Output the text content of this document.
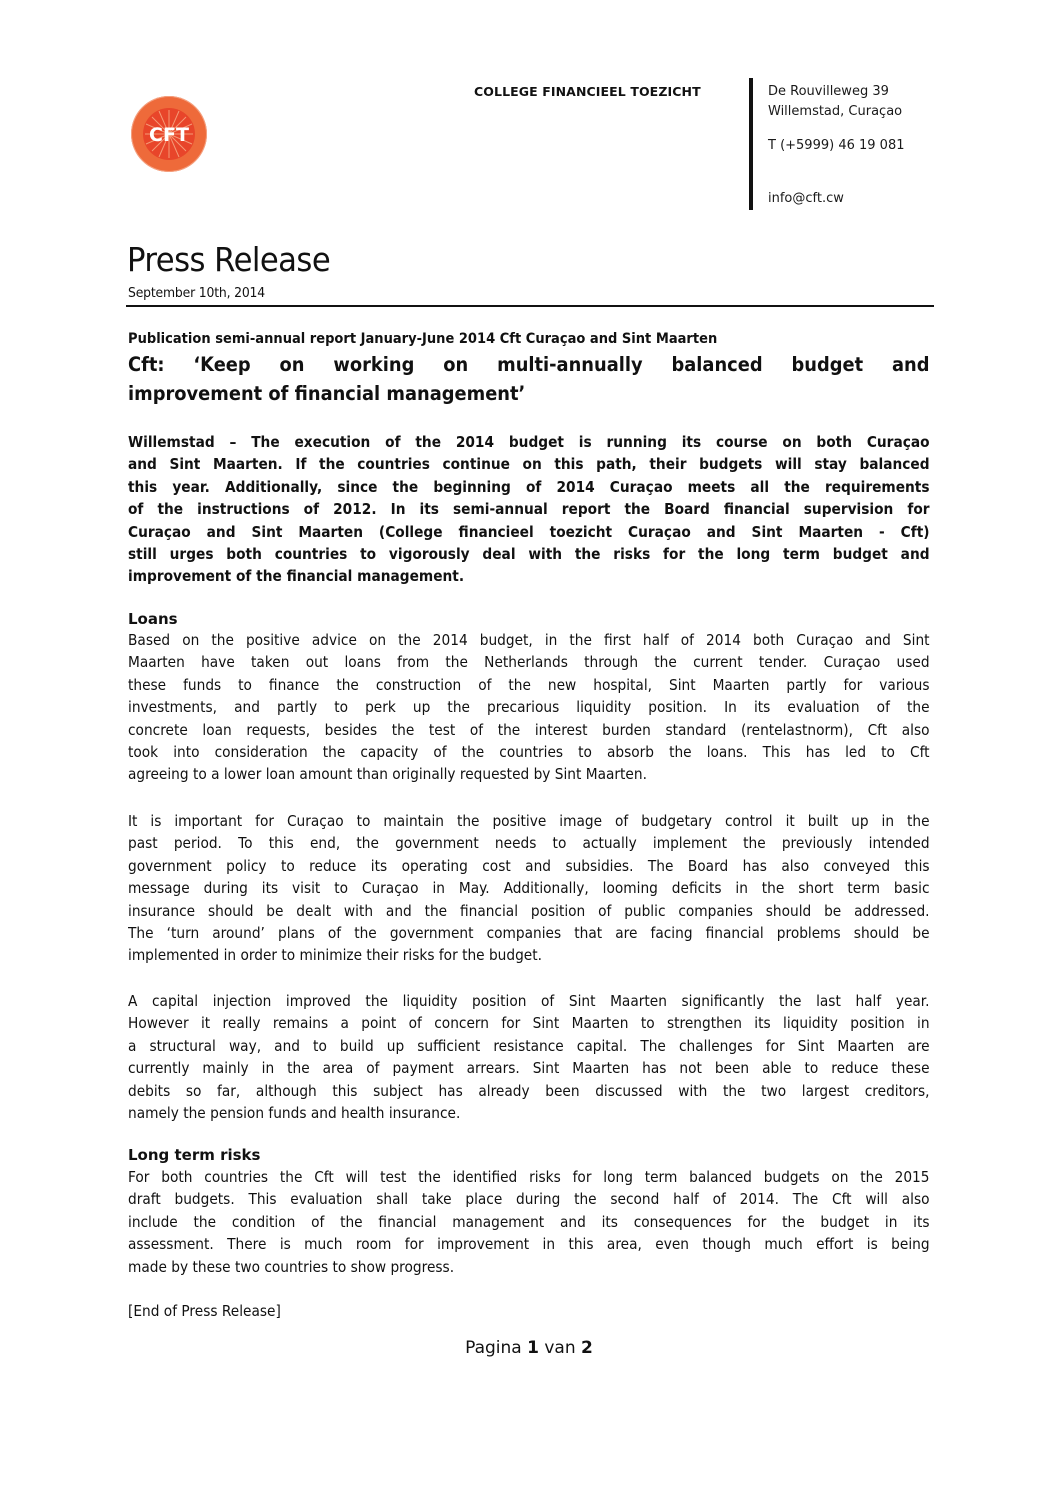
CFT
COLLEGE FINANCIEEL TOEZICHT	De Rouvilleweg 39
Willemstad, Curaçao
T (+5999) 46 19 081
info@cft.cw
Press Release
September 10th, 2014
Publication semi-annual report January-June 2014 Cft Curaçao and Sint Maarten
Cft: ‘Keep on working on multi-annually balanced budget and
improvement of financial management’
Willemstad – The execution of the 2014 budget is running its course on both Curaçao
and Sint Maarten. If the countries continue on this path, their budgets will stay balanced
this year. Additionally, since the beginning of 2014 Curaçao meets all the requirements
of the instructions of 2012. In its semi-annual report the Board financial supervision for
Curaçao and Sint Maarten (College financieel toezicht Curaçao and Sint Maarten - Cft)
still urges both countries to vigorously deal with the risks for the long term budget and
improvement of the financial management.
Loans
Based on the positive advice on the 2014 budget, in the first half of 2014 both Curaçao and Sint
Maarten have taken out loans from the Netherlands through the current tender. Curaçao used
these funds to finance the construction of the new hospital, Sint Maarten partly for various
investments, and partly to perk up the precarious liquidity position. In its evaluation of the
concrete loan requests, besides the test of the interest burden standard (rentelastnorm), Cft also
took into consideration the capacity of the countries to absorb the loans. This has led to Cft
agreeing to a lower loan amount than originally requested by Sint Maarten.
It is important for Curaçao to maintain the positive image of budgetary control it built up in the
past period. To this end, the government needs to actually implement the previously intended
government policy to reduce its operating cost and subsidies. The Board has also conveyed this
message during its visit to Curaçao in May. Additionally, looming deficits in the short term basic
insurance should be dealt with and the financial position of public companies should be addressed.
The ‘turn around’ plans of the government companies that are facing financial problems should be
implemented in order to minimize their risks for the budget.
A capital injection improved the liquidity position of Sint Maarten significantly the last half year.
However it really remains a point of concern for Sint Maarten to strengthen its liquidity position in
a structural way, and to build up sufficient resistance capital. The challenges for Sint Maarten are
currently mainly in the area of payment arrears. Sint Maarten has not been able to reduce these
debits so far, although this subject has already been discussed with the two largest creditors,
namely the pension funds and health insurance.
Long term risks
For both countries the Cft will test the identified risks for long term balanced budgets on the 2015
draft budgets. This evaluation shall take place during the second half of 2014. The Cft will also
include the condition of the financial management and its consequences for the budget in its
assessment. There is much room for improvement in this area, even though much effort is being
made by these two countries to show progress.
[End of Press Release]
Pagina 1 van 2
